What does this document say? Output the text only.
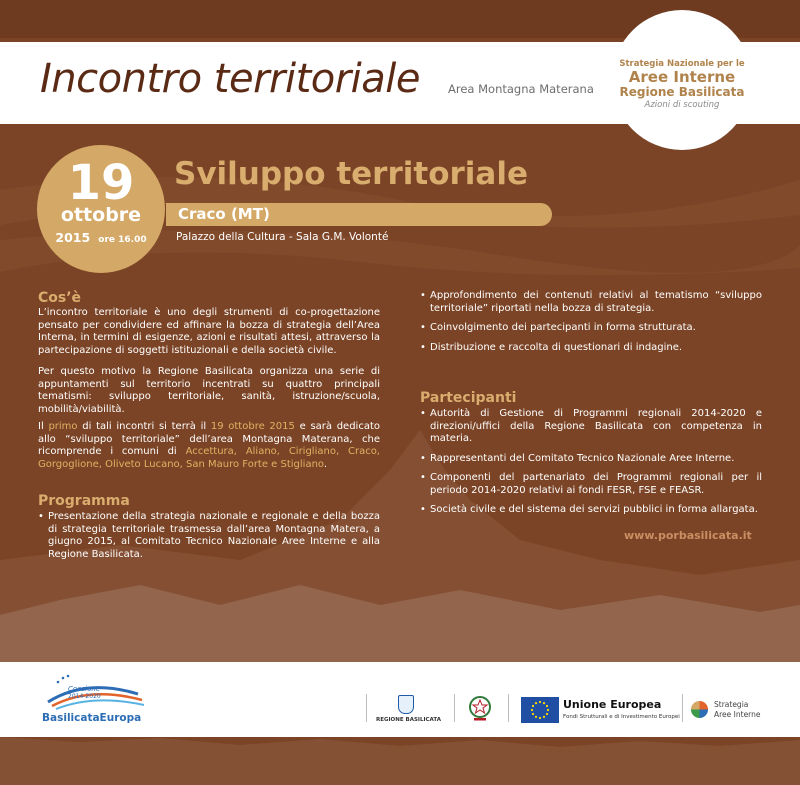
Incontro territoriale Area Montagna Materana
Strategia Nazionale per le
Aree Interne
Regione Basilicata
Azioni di scouting
19
ottobre
2015 ore 16.00
Sviluppo territoriale
Craco (MT)
Palazzo della Cultura - Sala G.M. Volonté
Cos’è

L’incontro territoriale è uno degli strumenti di co-progettazione pensato per condividere ed affinare la bozza di strategia dell’Area Interna, in termini di esigenze, azioni e risultati attesi, attraverso la partecipazione di soggetti istituzionali e della società civile.

Per questo motivo la Regione Basilicata organizza una serie di appuntamenti sul territorio incentrati su quattro principali tematismi: sviluppo territoriale, sanità, istruzione/scuola, mobilità/viabilità.

Il primo di tali incontri si terrà il 19 ottobre 2015 e sarà dedicato allo “sviluppo territoriale” dell’area Montagna Materana, che ricomprende i comuni di Accettura, Aliano, Cirigliano, Craco, Gorgoglione, Oliveto Lucano, San Mauro Forte e Stigliano.

Programma
• Presentazione della strategia nazionale e regionale e della bozza di strategia territoriale trasmessa dall’area Montagna Matera, a giugno 2015, al Comitato Tecnico Nazionale Aree Interne e alla Regione Basilicata.
• Approfondimento dei contenuti relativi al tematismo “sviluppo territoriale” riportati nella bozza di strategia.
• Coinvolgimento dei partecipanti in forma strutturata.
• Distribuzione e raccolta di questionari di indagine.
Partecipanti
• Autorità di Gestione di Programmi regionali 2014-2020 e direzioni/uffici della Regione Basilicata con competenza in materia.
• Rappresentanti del Comitato Tecnico Nazionale Aree Interne.
• Componenti del partenariato dei Programmi regionali per il periodo 2014-2020 relativi ai fondi FESR, FSE e FEASR.
• Società civile e del sistema dei servizi pubblici in forma allargata.
www.porbasilicata.it
Coesione
2014-2020
BasilicataEuropa	REGIONE BASILICATA
Unione Europea
Fondi Strutturali e di Investimento Europei
Strategia
Aree Interne
